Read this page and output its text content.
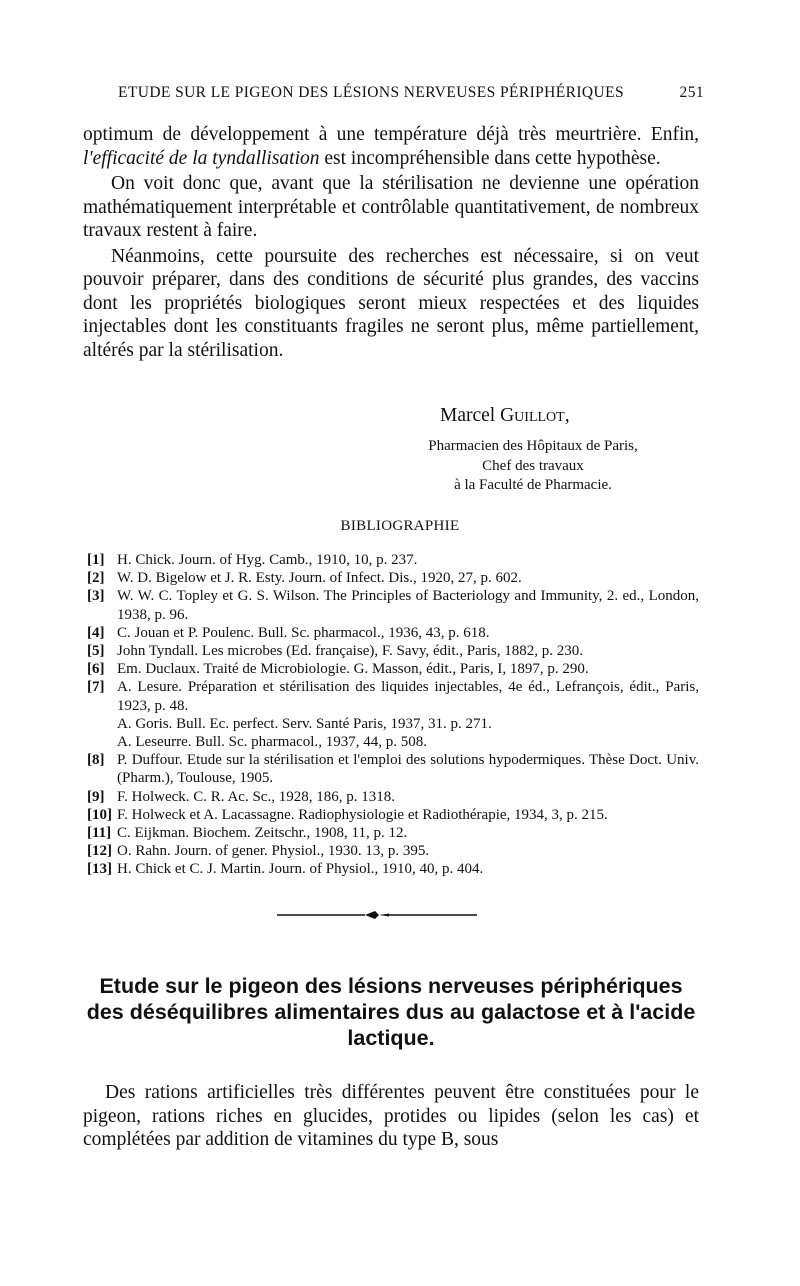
ETUDE SUR LE PIGEON DES LÉSIONS NERVEUSES PÉRIPHÉRIQUES	251

optimum de développement à une température déjà très meurtrière. Enfin, l'efficacité de la tyndallisation est incompréhensible dans cette hypothèse.

On voit donc que, avant que la stérilisation ne devienne une opération mathématiquement interprétable et contrôlable quantitativement, de nombreux travaux restent à faire.

Néanmoins, cette poursuite des recherches est nécessaire, si on veut pouvoir préparer, dans des conditions de sécurité plus grandes, des vaccins dont les propriétés biologiques seront mieux respectées et des liquides injectables dont les constituants fragiles ne seront plus, même partiellement, altérés par la stérilisation.

Marcel Guillot,
Pharmacien des Hôpitaux de Paris,
Chef des travaux
à la Faculté de Pharmacie.
BIBLIOGRAPHIE
[1] H. Chick. Journ. of Hyg. Camb., 1910, 10, p. 237.
[2] W. D. Bigelow et J. R. Esty. Journ. of Infect. Dis., 1920, 27, p. 602.
[3] W. W. C. Topley et G. S. Wilson. The Principles of Bacteriology and Immunity, 2. ed., London, 1938, p. 96.
[4] C. Jouan et P. Poulenc. Bull. Sc. pharmacol., 1936, 43, p. 618.
[5] John Tyndall. Les microbes (Ed. française), F. Savy, édit., Paris, 1882, p. 230.
[6] Em. Duclaux. Traité de Microbiologie. G. Masson, édit., Paris, I, 1897, p. 290.
[7] A. Lesure. Préparation et stérilisation des liquides injectables, 4e éd., Lefrançois, édit., Paris, 1923, p. 48.
A. Goris. Bull. Ec. perfect. Serv. Santé Paris, 1937, 31. p. 271.
A. Leseurre. Bull. Sc. pharmacol., 1937, 44, p. 508.
[8] P. Duffour. Etude sur la stérilisation et l'emploi des solutions hypodermiques. Thèse Doct. Univ. (Pharm.), Toulouse, 1905.
[9] F. Holweck. C. R. Ac. Sc., 1928, 186, p. 1318.
[10] F. Holweck et A. Lacassagne. Radiophysiologie et Radiothérapie, 1934, 3, p. 215.
[11] C. Eijkman. Biochem. Zeitschr., 1908, 11, p. 12.
[12] O. Rahn. Journ. of gener. Physiol., 1930. 13, p. 395.
[13] H. Chick et C. J. Martin. Journ. of Physiol., 1910, 40, p. 404.
Etude sur le pigeon des lésions nerveuses périphériques
des déséquilibres alimentaires dus au galactose et à l'acide
lactique.

Des rations artificielles très différentes peuvent être constituées pour le pigeon, rations riches en glucides, protides ou lipides (selon les cas) et complétées par addition de vitamines du type B, sous
